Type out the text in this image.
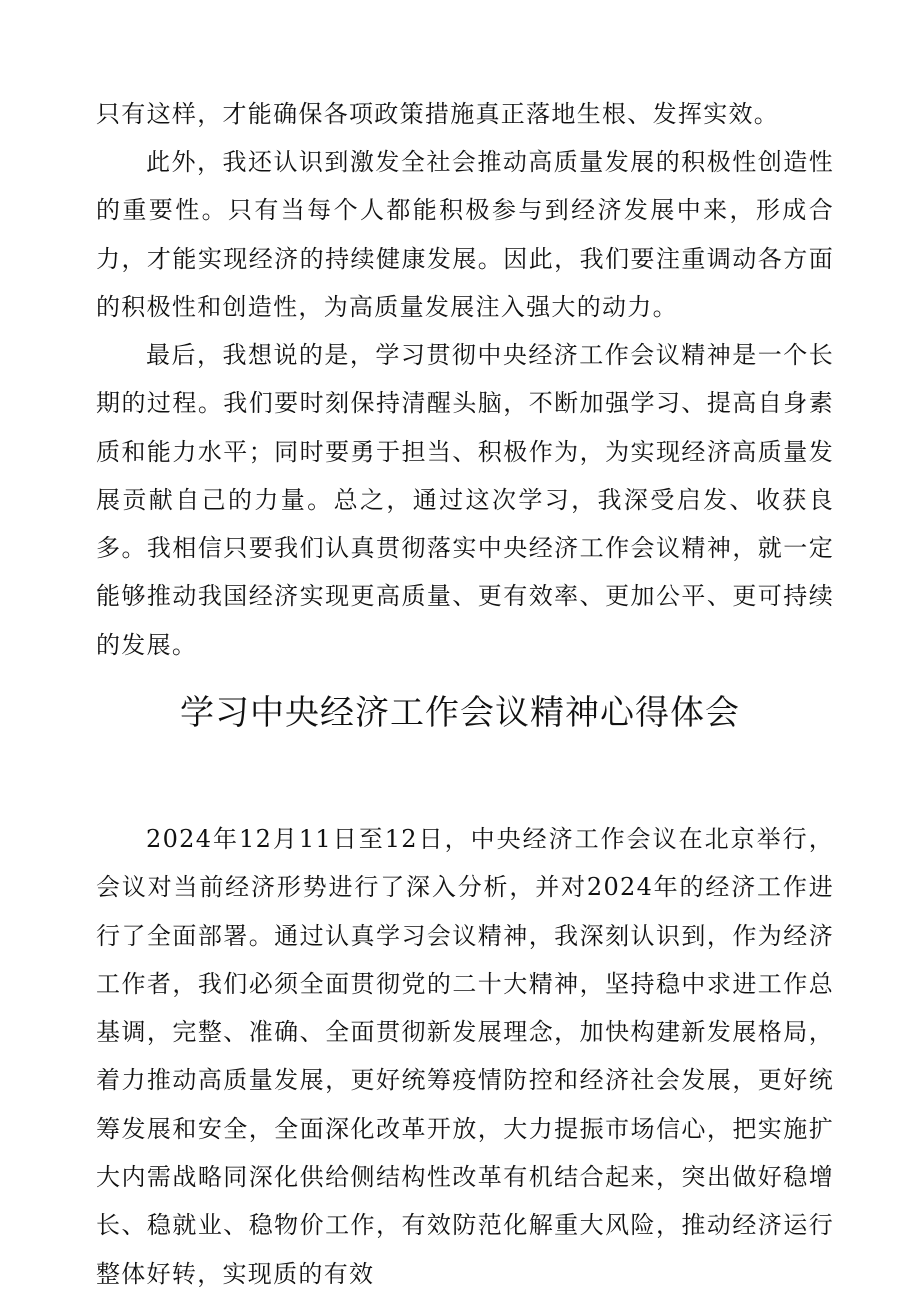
只有这样，才能确保各项政策措施真正落地生根、发挥实效。

此外，我还认识到激发全社会推动高质量发展的积极性创造性的重要性。只有当每个人都能积极参与到经济发展中来，形成合力，才能实现经济的持续健康发展。因此，我们要注重调动各方面的积极性和创造性，为高质量发展注入强大的动力。

最后，我想说的是，学习贯彻中央经济工作会议精神是一个长期的过程。我们要时刻保持清醒头脑，不断加强学习、提高自身素质和能力水平；同时要勇于担当、积极作为，为实现经济高质量发展贡献自己的力量。总之，通过这次学习，我深受启发、收获良多。我相信只要我们认真贯彻落实中央经济工作会议精神，就一定能够推动我国经济实现更高质量、更有效率、更加公平、更可持续的发展。

学习中央经济工作会议精神心得体会

2024年12月11日至12日，中央经济工作会议在北京举行，会议对当前经济形势进行了深入分析，并对2024年的经济工作进行了全面部署。通过认真学习会议精神，我深刻认识到，作为经济工作者，我们必须全面贯彻党的二十大精神，坚持稳中求进工作总基调，完整、准确、全面贯彻新发展理念，加快构建新发展格局，着力推动高质量发展，更好统筹疫情防控和经济社会发展，更好统筹发展和安全，全面深化改革开放，大力提振市场信心，把实施扩大内需战略同深化供给侧结构性改革有机结合起来，突出做好稳增长、稳就业、稳物价工作，有效防范化解重大风险，推动经济运行整体好转，实现质的有效
